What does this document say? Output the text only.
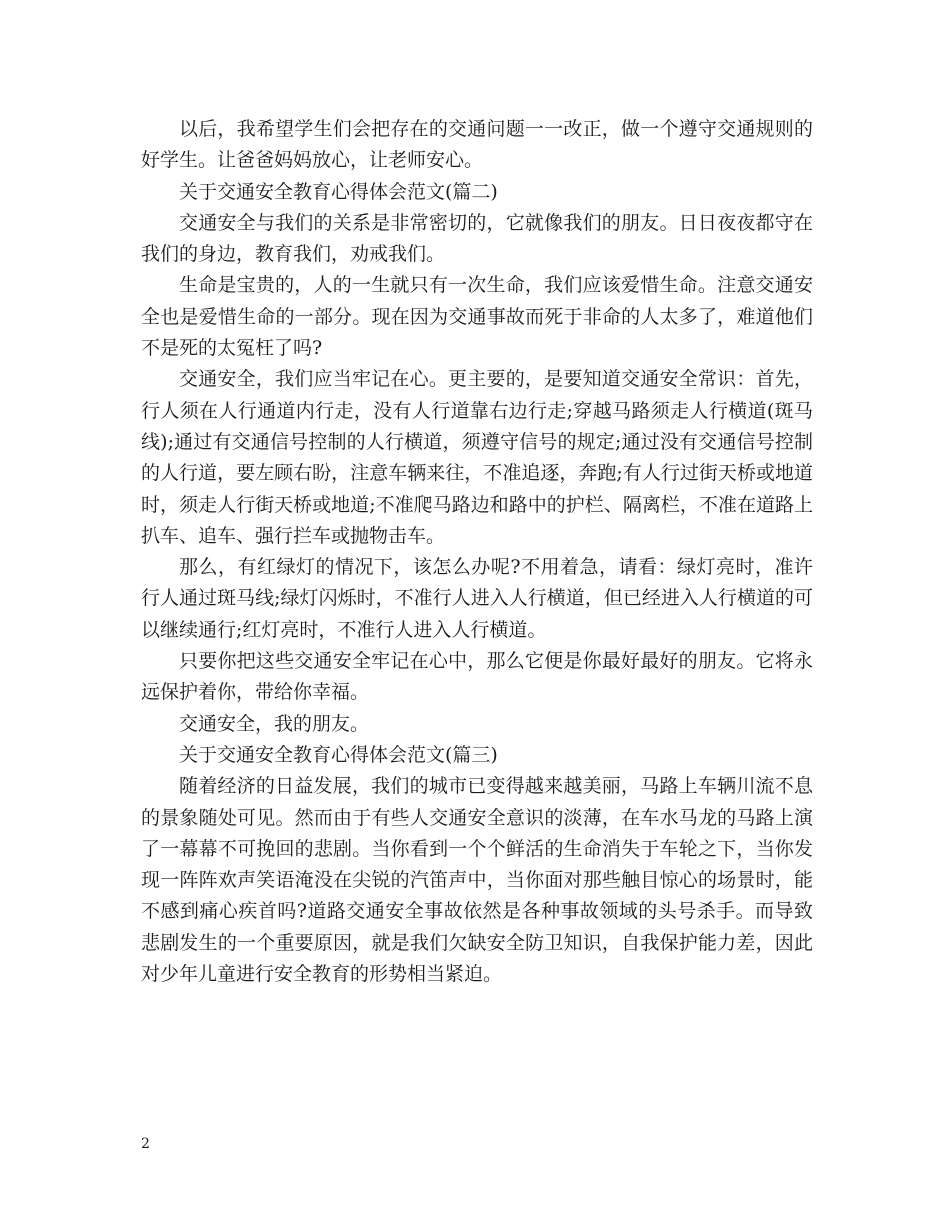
以后，我希望学生们会把存在的交通问题一一改正，做一个遵守交通规则的好学生。让爸爸妈妈放心，让老师安心。

关于交通安全教育心得体会范文(篇二)

交通安全与我们的关系是非常密切的，它就像我们的朋友。日日夜夜都守在我们的身边，教育我们，劝戒我们。

生命是宝贵的，人的一生就只有一次生命，我们应该爱惜生命。注意交通安全也是爱惜生命的一部分。现在因为交通事故而死于非命的人太多了，难道他们不是死的太冤枉了吗?

交通安全，我们应当牢记在心。更主要的，是要知道交通安全常识：首先，行人须在人行通道内行走，没有人行道靠右边行走;穿越马路须走人行横道(斑马线);通过有交通信号控制的人行横道，须遵守信号的规定;通过没有交通信号控制的人行道，要左顾右盼，注意车辆来往，不准追逐，奔跑;有人行过街天桥或地道时，须走人行街天桥或地道;不准爬马路边和路中的护栏、隔离栏，不准在道路上扒车、追车、强行拦车或抛物击车。

那么，有红绿灯的情况下，该怎么办呢?不用着急，请看：绿灯亮时，准许行人通过斑马线;绿灯闪烁时，不准行人进入人行横道，但已经进入人行横道的可以继续通行;红灯亮时，不准行人进入人行横道。

只要你把这些交通安全牢记在心中，那么它便是你最好最好的朋友。它将永远保护着你，带给你幸福。

交通安全，我的朋友。

关于交通安全教育心得体会范文(篇三)

随着经济的日益发展，我们的城市已变得越来越美丽，马路上车辆川流不息的景象随处可见。然而由于有些人交通安全意识的淡薄，在车水马龙的马路上演了一幕幕不可挽回的悲剧。当你看到一个个鲜活的生命消失于车轮之下，当你发现一阵阵欢声笑语淹没在尖锐的汽笛声中，当你面对那些触目惊心的场景时，能不感到痛心疾首吗?道路交通安全事故依然是各种事故领域的头号杀手。而导致悲剧发生的一个重要原因，就是我们欠缺安全防卫知识，自我保护能力差，因此对少年儿童进行安全教育的形势相当紧迫。

2
